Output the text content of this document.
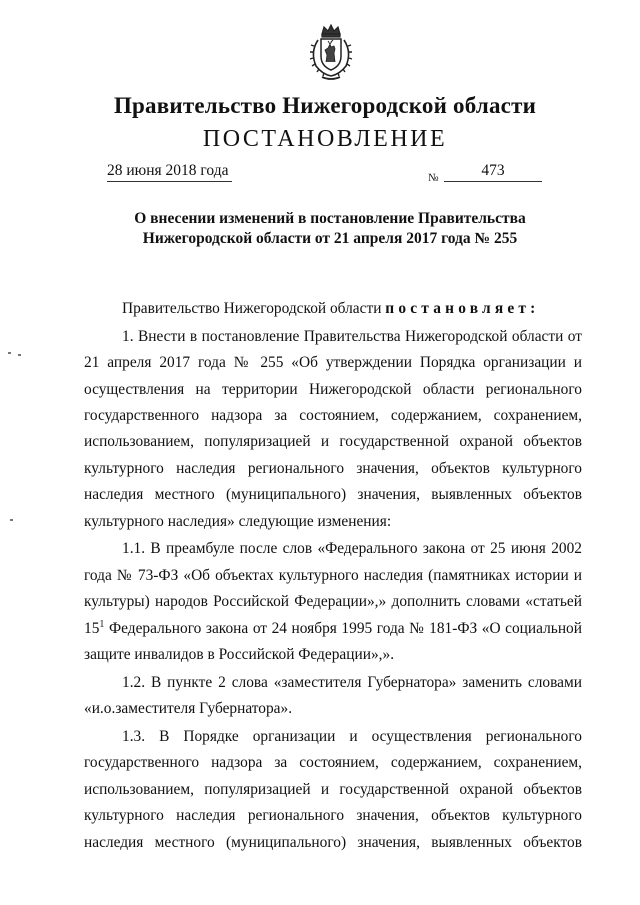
Правительство Нижегородской области
ПОСТАНОВЛЕНИЕ
28 июня 2018 года	№	473
О внесении изменений в постановление Правительства
Нижегородской области от 21 апреля 2017 года № 255

Правительство Нижегородской области постановляет:

1. Внести в постановление Правительства Нижегородской области от
21 апреля 2017 года № 255 «Об утверждении Порядка организации и
осуществления на территории Нижегородской области регионального
государственного надзора за состоянием, содержанием, сохранением,
использованием, популяризацией и государственной охраной объектов
культурного наследия регионального значения, объектов культурного
наследия местного (муниципального) значения, выявленных объектов
культурного наследия» следующие изменения:

1.1. В преамбуле после слов «Федерального закона от 25 июня 2002
года № 73-ФЗ «Об объектах культурного наследия (памятниках истории и
культуры) народов Российской Федерации»,» дополнить словами «статьей
$15^1$ Федерального закона от 24 ноября 1995 года № 181-ФЗ «О социальной
защите инвалидов в Российской Федерации»,».

1.2. В пункте 2 слова «заместителя Губернатора» заменить словами
«и.о.заместителя Губернатора».

1.3. В Порядке организации и осуществления регионального
государственного надзора за состоянием, содержанием, сохранением,
использованием, популяризацией и государственной охраной объектов
культурного наследия регионального значения, объектов культурного
наследия местного (муниципального) значения, выявленных объектов
